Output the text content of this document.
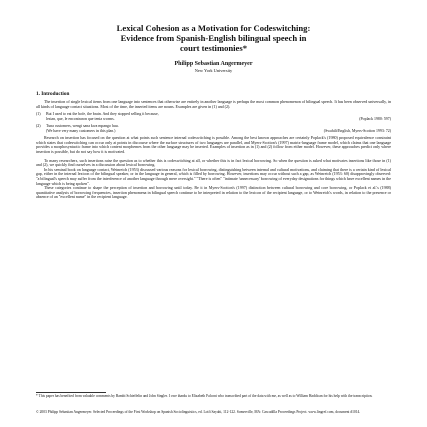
Lexical Cohesion as a Motivation for Codeswitching:
Evidence from Spanish-English bilingual speech in
court testimonies*
Philipp Sebastian Angermeyer
New York University
1. Introduction

The insertion of single lexical items from one language into sentences that otherwise are entirely in another language is perhaps the most common phenomenon of bilingual speech. It has been observed universally, in all kinds of language contact situations. Most of the time, the inserted items are nouns. Examples are given in (1) and (2).

(1)	But I used to eat the bofe, the brain. And they stopped selling it because,
lesian, que, le encontraron que tenia worms.	(Poplack 1980: 597)
(2)	Tuna customers, wengi sana kwa mpango huu.
(We have very many customers in this plan.)	(Swahili/English, Myers-Scotton 1993: 72)

Research on insertion has focused on the question at what points such sentence internal codeswitching is possible. Among the best known approaches are certainly Poplack's (1980) proposed equivalence constraint which states that codeswitching can occur only at points in discourse where the surface structures of two languages are parallel, and Myers-Scotton's (1997) matrix-language frame model, which claims that one language provides a morphosyntactic frame into which content morphemes from the other language may be inserted. Examples of insertion as in (1) and (2) follow from either model. However, these approaches predict only where insertion is possible, but do not say how it is motivated.

To many researchers, such insertions raise the question as to whether this is codeswitching at all, or whether this is in fact lexical borrowing. So when the question is asked what motivates insertions like those in (1) and (2), we quickly find ourselves in a discussion about lexical borrowing.

In his seminal book on language contact, Weinreich (1953) discussed various reasons for lexical borrowing, distinguishing between internal and cultural motivations, and claiming that there is a certain kind of lexical gap, either in the internal lexicon of the bilingual speaker, or in the language in general, which is filled by borrowing. However, insertions may occur without such a gap, as Weinreich (1953: 60) disapprovingly observed: "a bilingual's speech may suffer from the interference of another language through mere oversight." "There is often" "intimate 'unnecessary' borrowing of everyday designations for things which have excellent names in the language which is being spoken".

These categories continue to shape the perception of insertion and borrowing until today. Be it in Myers-Scotton's (1997) distinction between cultural borrowing and core borrowing, or Poplack et al.'s (1988) quantitative analysis of borrowing frequencies, insertion phenomena in bilingual speech continue to be interpreted in relation to the lexicon of the recipient language, or to Weinreich's words, in relation to the presence or absence of an "excellent name" in the recipient language.

* This paper has benefited from valuable comments by Bambi Schieffelin and John Singler. I owe thanks to Elizabeth Falconi who transcribed part of the data with me, as well as to William Haddican for his help with the transcription.
© 2003 Philipp Sebastian Angermeyer. Selected Proceedings of the First Workshop on Spanish Sociolinguistics, ed. Lotfi Sayahi, 112-122. Somerville, MA: Cascadilla Proceedings Project. www.lingref.com, document #1014.
